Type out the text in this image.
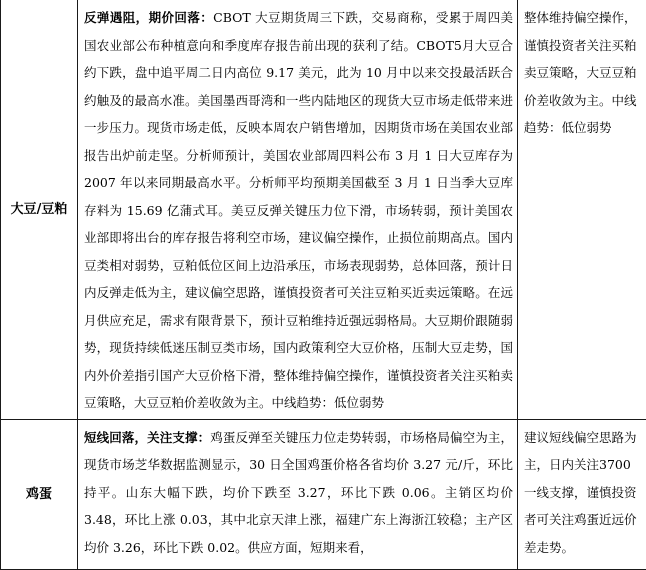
大豆/豆粕	反弹遇阻，期价回落：CBOT 大豆期货周三下跌，交易商称，受累于周四美国农业部公布种植意向和季度库存报告前出现的获利了结。CBOT5月大豆合约下跌，盘中追平周二日内高位 9.17 美元，此为 10 月中以来交投最活跃合约触及的最高水准。美国墨西哥湾和一些内陆地区的现货大豆市场走低带来进一步压力。现货市场走低，反映本周农户销售增加，因期货市场在美国农业部报告出炉前走坚。分析师预计，美国农业部周四料公布 3 月 1 日大豆库存为 2007 年以来同期最高水平。分析师平均预期美国截至 3 月 1 日当季大豆库存料为 15.69 亿蒲式耳。美豆反弹关键压力位下滑，市场转弱，预计美国农业部即将出台的库存报告将利空市场，建议偏空操作，止损位前期高点。国内豆类相对弱势，豆粕低位区间上边沿承压，市场表现弱势，总体回落，预计日内反弹走低为主，建议偏空思路，谨慎投资者可关注豆粕买近卖远策略。在远月供应充足，需求有限背景下，预计豆粕维持近强远弱格局。大豆期价跟随弱势，现货持续低迷压制豆类市场，国内政策利空大豆价格，压制大豆走势，国内外价差指引国产大豆价格下滑，整体维持偏空操作，谨慎投资者关注买粕卖豆策略，大豆豆粕价差收敛为主。中线趋势：低位弱势	整体维持偏空操作，谨慎投资者关注买粕卖豆策略，大豆豆粕价差收敛为主。中线趋势：低位弱势
鸡蛋	短线回落，关注支撑：鸡蛋反弹至关键压力位走势转弱，市场格局偏空为主，现货市场芝华数据监测显示，30 日全国鸡蛋价格各省均价 3.27 元/斤，环比持平。山东大幅下跌，均价下跌至 3.27，环比下跌 0.06。主销区均价 3.48，环比上涨 0.03，其中北京天津上涨，福建广东上海浙江较稳；主产区均价 3.26，环比下跌 0.02。供应方面，短期来看，	建议短线偏空思路为主，日内关注3700 一线支撑，谨慎投资者可关注鸡蛋近远价差走势。
